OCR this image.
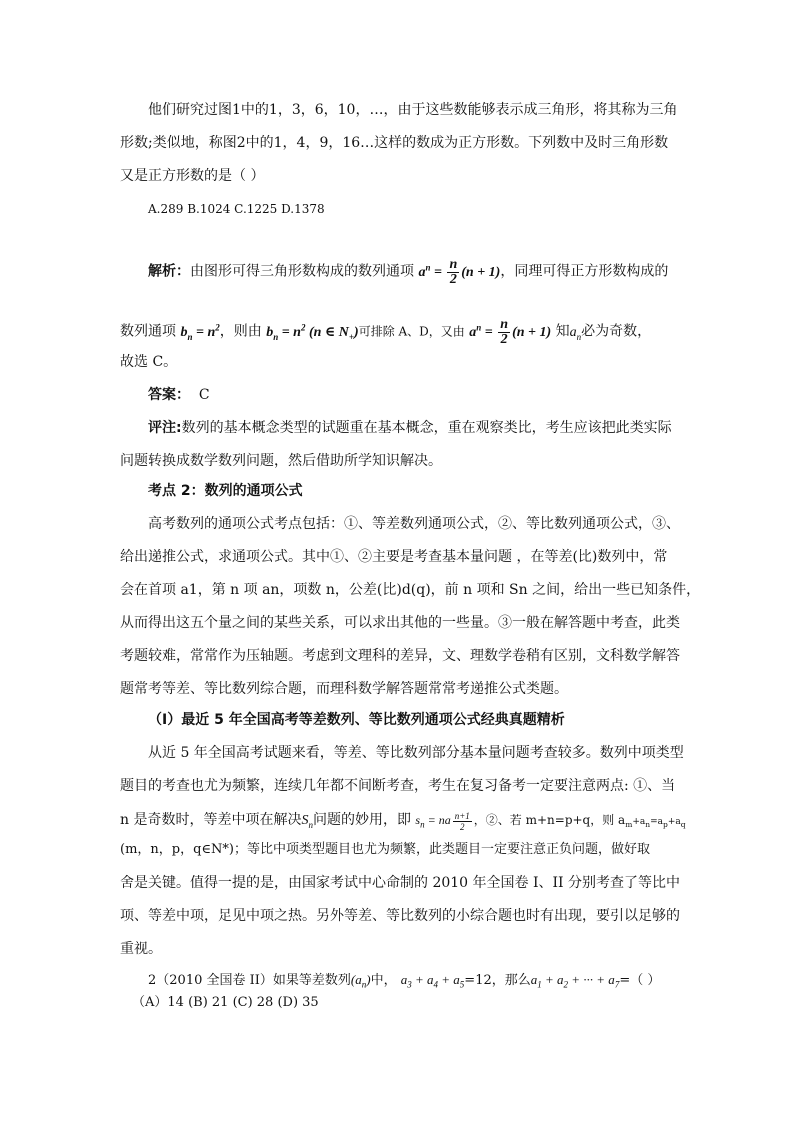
他们研究过图1中的1，3，6，10，…，由于这些数能够表示成三角形，将其称为三角
形数;类似地，称图2中的1，4，9，16…这样的数成为正方形数。下列数中及时三角形数
又是正方形数的是（ ）
A.289 B.1024 C.1225 D.1378
解析：由图形可得三角形数构成的数列通项 $a^n = \frac{n}{2} (n + 1)$，同理可得正方形数构成的
数列通项 $b_n = n^2$，则由 $b_n = n^2$ (n ∈ $N_+$)可排除 A、D，又由 $a^n = \frac{n}{2} (n + 1)$ 知$a_n$必为奇数，
故选 C。
答案： C
评注:数列的基本概念类型的试题重在基本概念，重在观察类比，考生应该把此类实际
问题转换成数学数列问题，然后借助所学知识解决。
考点 2：数列的通项公式
高考数列的通项公式考点包括：①、等差数列通项公式，②、等比数列通项公式，③、
给出递推公式，求通项公式。其中①、②主要是考查基本量问题 ，在等差(比)数列中，常
会在首项 a1，第 n 项 an，项数 n，公差(比)d(q)，前 n 项和 Sn 之间，给出一些已知条件，
从而得出这五个量之间的某些关系，可以求出其他的一些量。③一般在解答题中考查，此类
考题较难，常常作为压轴题。考虑到文理科的差异，文、理数学卷稍有区别，文科数学解答
题常考等差、等比数列综合题，而理科数学解答题常常考递推公式类题。
（Ⅰ）最近 5 年全国高考等差数列、等比数列通项公式经典真题精析
从近 5 年全国高考试题来看，等差、等比数列部分基本量问题考查较多。数列中项类型
题目的考查也尤为频繁，连续几年都不间断考查，考生在复习备考一定要注意两点: ①、当
n 是奇数时，等差中项在解决$S_n$问题的妙用，即 $s_n$ = na $\frac{n+1}{2}$ ，②、若 m+n=p+q，则 $a_m+a_n=a_p+a_q$
(m，n，p，q∈N*)；等比中项类型题目也尤为频繁，此类题目一定要注意正负问题，做好取
舍是关键。值得一提的是，由国家考试中心命制的 2010 年全国卷 I、II 分别考查了等比中
项、等差中项，足见中项之热。另外等差、等比数列的小综合题也时有出现，要引以足够的
重视。
2（2010 全国卷 II）如果等差数列$(a_n)$中， $a_3 + a_4 + a_5=12$，那么$a_1 + a_2$ + ··· + $a_7=$（ ）
（A）14 (B) 21 (C) 28 (D) 35
